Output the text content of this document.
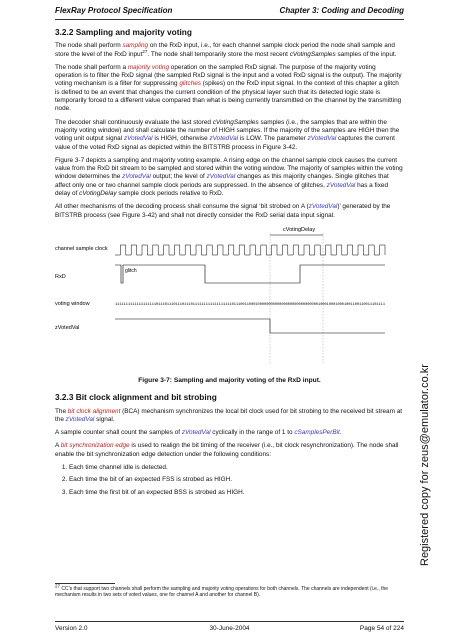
FlexRay Protocol Specification	Chapter 3: Coding and Decoding
3.2.2 Sampling and majority voting

The node shall perform sampling on the RxD input, i.e., for each channel sample clock period the node shall sample and store the level of the RxD input$^{27}$. The node shall temporarily store the most recent cVotingSamples samples of the input.

The node shall perform a majority voting operation on the sampled RxD signal. The purpose of the majority voting operation is to filter the RxD signal (the sampled RxD signal is the input and a voted RxD signal is the output). The majority voting mechanism is a filter for suppressing glitches (spikes) on the RxD input signal. In the context of this chapter a glitch is defined to be an event that changes the current condition of the physical layer such that its detected logic state is temporarily forced to a different value compared than what is being currently transmitted on the channel by the transmitting node.

The decoder shall continuously evaluate the last stored cVotingSamples samples (i.e., the samples that are within the majority voting window) and shall calculate the number of HIGH samples. If the majority of the samples are HIGH then the voting unit output signal zVotedVal is HIGH, otherwise zVotedVal is LOW. The parameter zVotedVal captures the current value of the voted RxD signal as depicted within the BITSTRB process in Figure 3-42.

Figure 3-7 depicts a sampling and majority voting example. A rising edge on the channel sample clock causes the current value from the RxD bit stream to be sampled and stored within the voting window. The majority of samples within the voting window determines the zVotedVal output; the level of zVotedVal changes as this majority changes. Single glitches that affect only one or two channel sample clock periods are suppressed. In the absence of glitches, zVotedVal has a fixed delay of cVotingDelay sample clock periods relative to RxD.

All other mechanisms of the decoding process shall consume the signal ‘bit strobed on A (zVotedVal)’ generated by the BITSTRB process (see Figure 3-42) and shall not directly consider the RxD serial data input signal.

cVotingDelay
channel sample clock
RxD
glitch
voting window
zVotedVal
11111 11111 11111 11110 11101 11011 10111 01111 11111 11111 11110 11100 11000 10000 00000 00000 00000 00000 00001 00010 00100 01001 10011 00111 01111
Figure 3-7: Sampling and majority voting of the RxD input.
3.2.3 Bit clock alignment and bit strobing

The bit clock alignment (BCA) mechanism synchronizes the local bit clock used for bit strobing to the received bit stream at the zVotedVal signal.

A sample counter shall count the samples of zVotedVal cyclically in the range of 1 to cSamplesPerBit.

A bit synchronization edge is used to realign the bit timing of the receiver (i.e., bit clock resynchronization). The node shall enable the bit synchronization edge detection under the following conditions:

1. Each time channel idle is detected.
2. Each time the bit of an expected FSS is strobed as HIGH.
3. Each time the first bit of an expected BSS is strobed as HIGH.
$^{27}$ CC’s that support two channels shall perform the sampling and majority voting operations for both channels. The channels are independent (i.e., the mechanism results in two sets of voted values, one for channel A and another for channel B).
Version 2.0	30-June-2004	Page 54 of 224
Registered copy for zeus@emulator.co.kr
